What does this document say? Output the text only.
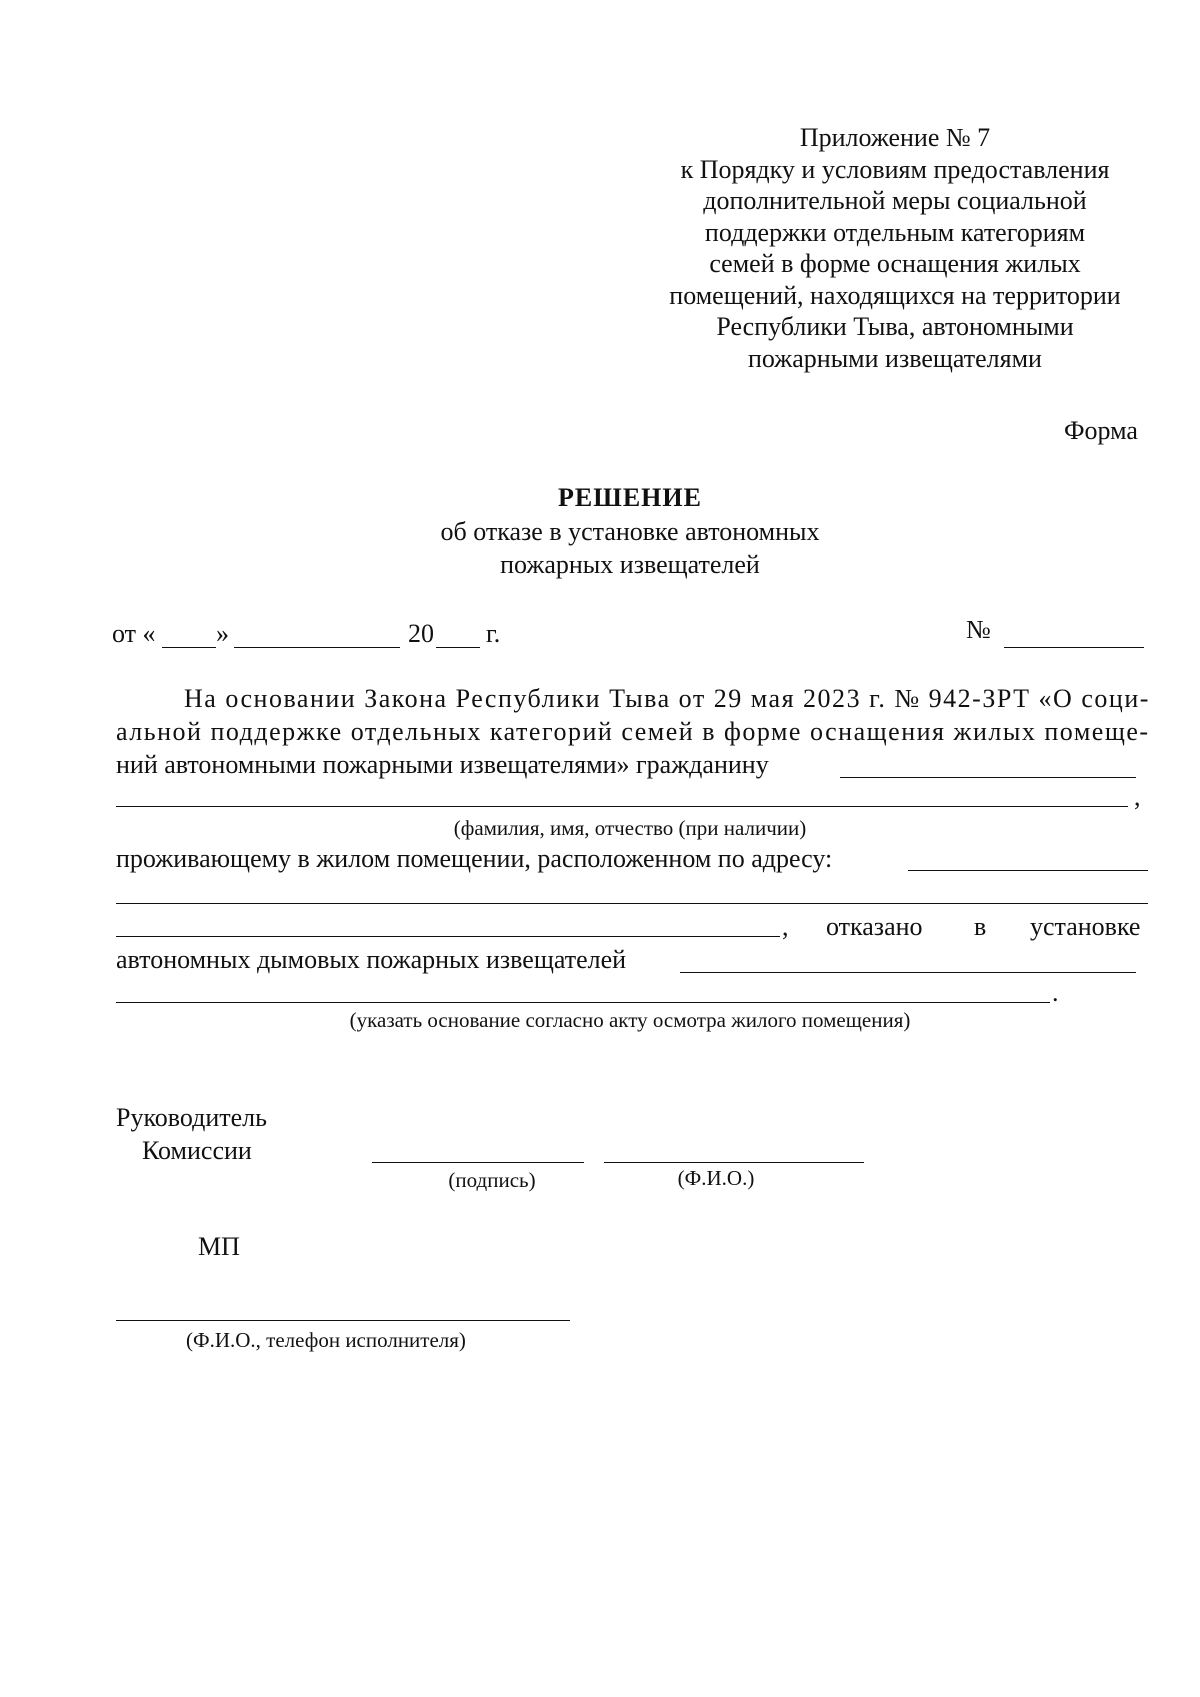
Приложение № 7
к Порядку и условиям предоставления
дополнительной меры социальной
поддержки отдельным категориям
семей в форме оснащения жилых
помещений, находящихся на территории
Республики Тыва, автономными
пожарными извещателями
Форма
РЕШЕНИЕ
об отказе в установке автономных
пожарных извещателей
от « »	20 г.	№
На основании Закона Республики Тыва от 29 мая 2023 г. № 942-ЗРТ «О соци-
альной поддержке отдельных категорий семей в форме оснащения жилых помеще-
ний автономными пожарными извещателями» гражданину
,
(фамилия, имя, отчество (при наличии)
проживающему в жилом помещении, расположенном по адресу:
, отказано в установке
автономных дымовых пожарных извещателей
.
(указать основание согласно акту осмотра жилого помещения)
Руководитель
Комиссии
(подпись)	(Ф.И.О.)
МП
(Ф.И.О., телефон исполнителя)
